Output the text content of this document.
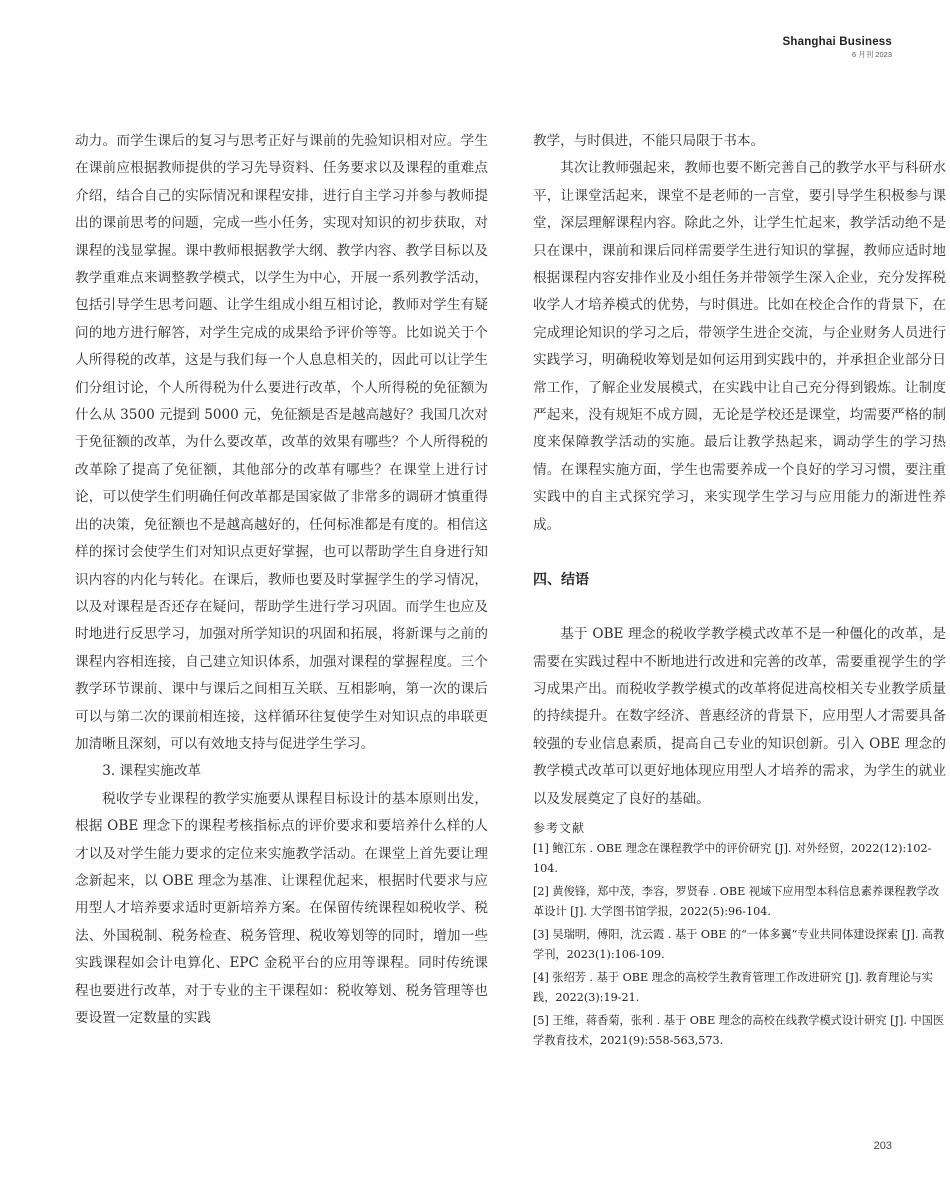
Shanghai Business
6 月刊 2023

动力。而学生课后的复习与思考正好与课前的先验知识相对应。学生在课前应根据教师提供的学习先导资料、任务要求以及课程的重难点介绍，结合自己的实际情况和课程安排，进行自主学习并参与教师提出的课前思考的问题，完成一些小任务，实现对知识的初步获取，对课程的浅显掌握。课中教师根据教学大纲、教学内容、教学目标以及教学重难点来调整教学模式，以学生为中心，开展一系列教学活动，包括引导学生思考问题、让学生组成小组互相讨论，教师对学生有疑问的地方进行解答，对学生完成的成果给予评价等等。比如说关于个人所得税的改革，这是与我们每一个人息息相关的，因此可以让学生们分组讨论，个人所得税为什么要进行改革，个人所得税的免征额为什么从 3500 元提到 5000 元，免征额是否是越高越好？我国几次对于免征额的改革，为什么要改革，改革的效果有哪些？个人所得税的改革除了提高了免征额，其他部分的改革有哪些？在课堂上进行讨论，可以使学生们明确任何改革都是国家做了非常多的调研才慎重得出的决策，免征额也不是越高越好的，任何标准都是有度的。相信这样的探讨会使学生们对知识点更好掌握，也可以帮助学生自身进行知识内容的内化与转化。在课后，教师也要及时掌握学生的学习情况，以及对课程是否还存在疑问，帮助学生进行学习巩固。而学生也应及时地进行反思学习，加强对所学知识的巩固和拓展，将新课与之前的课程内容相连接，自己建立知识体系，加强对课程的掌握程度。三个教学环节课前、课中与课后之间相互关联、互相影响，第一次的课后可以与第二次的课前相连接，这样循环往复使学生对知识点的串联更加清晰且深刻，可以有效地支持与促进学生学习。

3. 课程实施改革

税收学专业课程的教学实施要从课程目标设计的基本原则出发，根据 OBE 理念下的课程考核指标点的评价要求和要培养什么样的人才以及对学生能力要求的定位来实施教学活动。在课堂上首先要让理念新起来，以 OBE 理念为基准、让课程优起来，根据时代要求与应用型人才培养要求适时更新培养方案。在保留传统课程如税收学、税法、外国税制、税务检查、税务管理、税收筹划等的同时，增加一些实践课程如会计电算化、EPC 金税平台的应用等课程。同时传统课程也要进行改革，对于专业的主干课程如：税收筹划、税务管理等也要设置一定数量的实践

教学，与时俱进，不能只局限于书本。

其次让教师强起来，教师也要不断完善自己的教学水平与科研水平，让课堂活起来，课堂不是老师的一言堂，要引导学生积极参与课堂，深层理解课程内容。除此之外，让学生忙起来，教学活动绝不是只在课中，课前和课后同样需要学生进行知识的掌握，教师应适时地根据课程内容安排作业及小组任务并带领学生深入企业，充分发挥税收学人才培养模式的优势，与时俱进。比如在校企合作的背景下，在完成理论知识的学习之后，带领学生进企交流，与企业财务人员进行实践学习，明确税收筹划是如何运用到实践中的，并承担企业部分日常工作，了解企业发展模式，在实践中让自己充分得到锻炼。让制度严起来，没有规矩不成方圆，无论是学校还是课堂，均需要严格的制度来保障教学活动的实施。最后让教学热起来，调动学生的学习热情。在课程实施方面，学生也需要养成一个良好的学习习惯，要注重实践中的自主式探究学习，来实现学生学习与应用能力的渐进性养成。

四、结语

基于 OBE 理念的税收学教学模式改革不是一种僵化的改革，是需要在实践过程中不断地进行改进和完善的改革，需要重视学生的学习成果产出。而税收学教学模式的改革将促进高校相关专业教学质量的持续提升。在数字经济、普惠经济的背景下，应用型人才需要具备较强的专业信息素质，提高自己专业的知识创新。引入 OBE 理念的教学模式改革可以更好地体现应用型人才培养的需求，为学生的就业以及发展奠定了良好的基础。

参考文献

[1] 鲍江东 . OBE 理念在课程教学中的评价研究 [J]. 对外经贸，2022(12):102-104.

[2] 黄俊锋，郑中茂，李容，罗贤春 . OBE 视域下应用型本科信息素养课程教学改革设计 [J]. 大学图书馆学报，2022(5):96-104.

[3] 吴瑞明，傅阳，沈云霞 . 基于 OBE 的“一体多翼”专业共同体建设探索 [J]. 高教学刊，2023(1):106-109.

[4] 张绍芳 . 基于 OBE 理念的高校学生教育管理工作改进研究 [J]. 教育理论与实践，2022(3):19-21.

[5] 王维，蒋香菊，张利 . 基于 OBE 理念的高校在线教学模式设计研究 [J]. 中国医学教育技术，2021(9):558-563,573.

203
